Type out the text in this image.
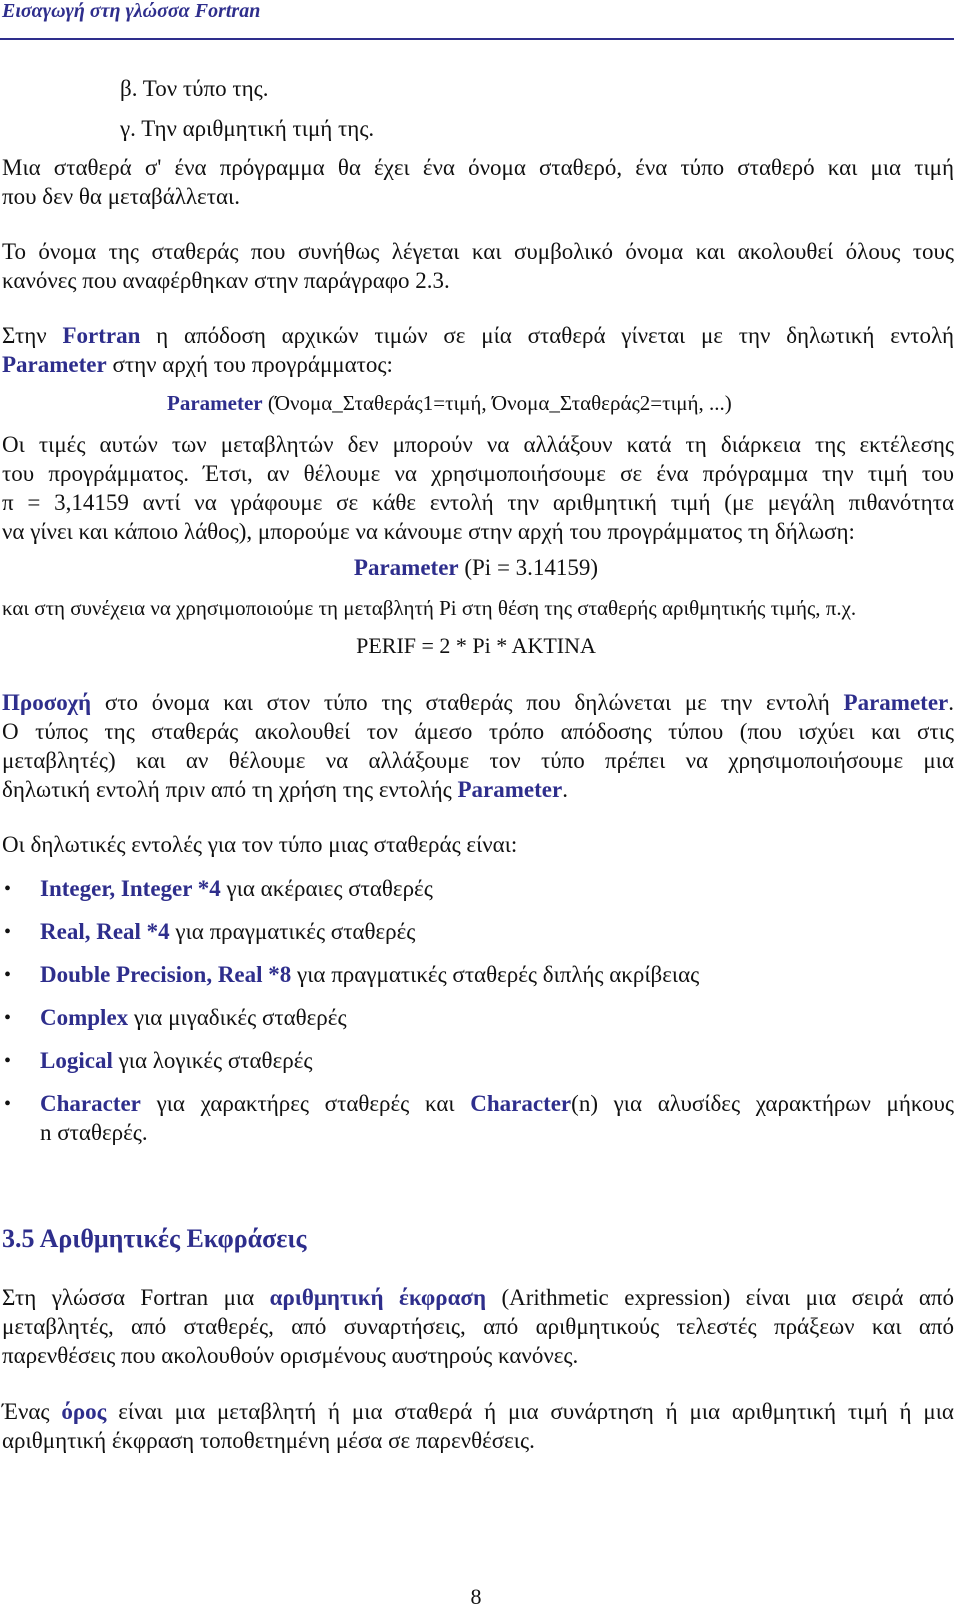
Εισαγωγή στη γλώσσα Fortran
β. Τον τύπο της.
γ. Την αριθμητική τιμή της.
Μια σταθερά σ' ένα πρόγραμμα θα έχει ένα όνομα σταθερό, ένα τύπο σταθερό και μια τιμή
που δεν θα μεταβάλλεται.
Το όνομα της σταθεράς που συνήθως λέγεται και συμβολικό όνομα και ακολουθεί όλους τους
κανόνες που αναφέρθηκαν στην παράγραφο 2.3.
Στην Fortran η απόδοση αρχικών τιμών σε μία σταθερά γίνεται με την δηλωτική εντολή
Parameter στην αρχή του προγράμματος:
Parameter (Όνομα_Σταθεράς1=τιμή, Όνομα_Σταθεράς2=τιμή, ...)
Οι τιμές αυτών των μεταβλητών δεν μπορούν να αλλάξουν κατά τη διάρκεια της εκτέλεσης
του προγράμματος. Έτσι, αν θέλουμε να χρησιμοποιήσουμε σε ένα πρόγραμμα την τιμή του
π = 3,14159 αντί να γράφουμε σε κάθε εντολή την αριθμητική τιμή (με μεγάλη πιθανότητα
να γίνει και κάποιο λάθος), μπορούμε να κάνουμε στην αρχή του προγράμματος τη δήλωση:
Parameter (Pi = 3.14159)
και στη συνέχεια να χρησιμοποιούμε τη μεταβλητή Pi στη θέση της σταθερής αριθμητικής τιμής, π.χ.
PERIF = 2 * Pi * AKTINA
Προσοχή στο όνομα και στον τύπο της σταθεράς που δηλώνεται με την εντολή Parameter.
Ο τύπος της σταθεράς ακολουθεί τον άμεσο τρόπο απόδοσης τύπου (που ισχύει και στις
μεταβλητές) και αν θέλουμε να αλλάξουμε τον τύπο πρέπει να χρησιμοποιήσουμε μια
δηλωτική εντολή πριν από τη χρήση της εντολής Parameter.
Οι δηλωτικές εντολές για τον τύπο μιας σταθεράς είναι:
• Integer, Integer *4 για ακέραιες σταθερές
• Real, Real *4 για πραγματικές σταθερές
• Double Precision, Real *8 για πραγματικές σταθερές διπλής ακρίβειας
• Complex για μιγαδικές σταθερές
• Logical για λογικές σταθερές
• Character για χαρακτήρες σταθερές και Character(n) για αλυσίδες χαρακτήρων μήκους
n σταθερές.
3.5 Αριθμητικές Εκφράσεις
Στη γλώσσα Fortran μια αριθμητική έκφραση (Arithmetic expression) είναι μια σειρά από
μεταβλητές, από σταθερές, από συναρτήσεις, από αριθμητικούς τελεστές πράξεων και από
παρενθέσεις που ακολουθούν ορισμένους αυστηρούς κανόνες.
Ένας όρος είναι μια μεταβλητή ή μια σταθερά ή μια συνάρτηση ή μια αριθμητική τιμή ή μια
αριθμητική έκφραση τοποθετημένη μέσα σε παρενθέσεις.
8
